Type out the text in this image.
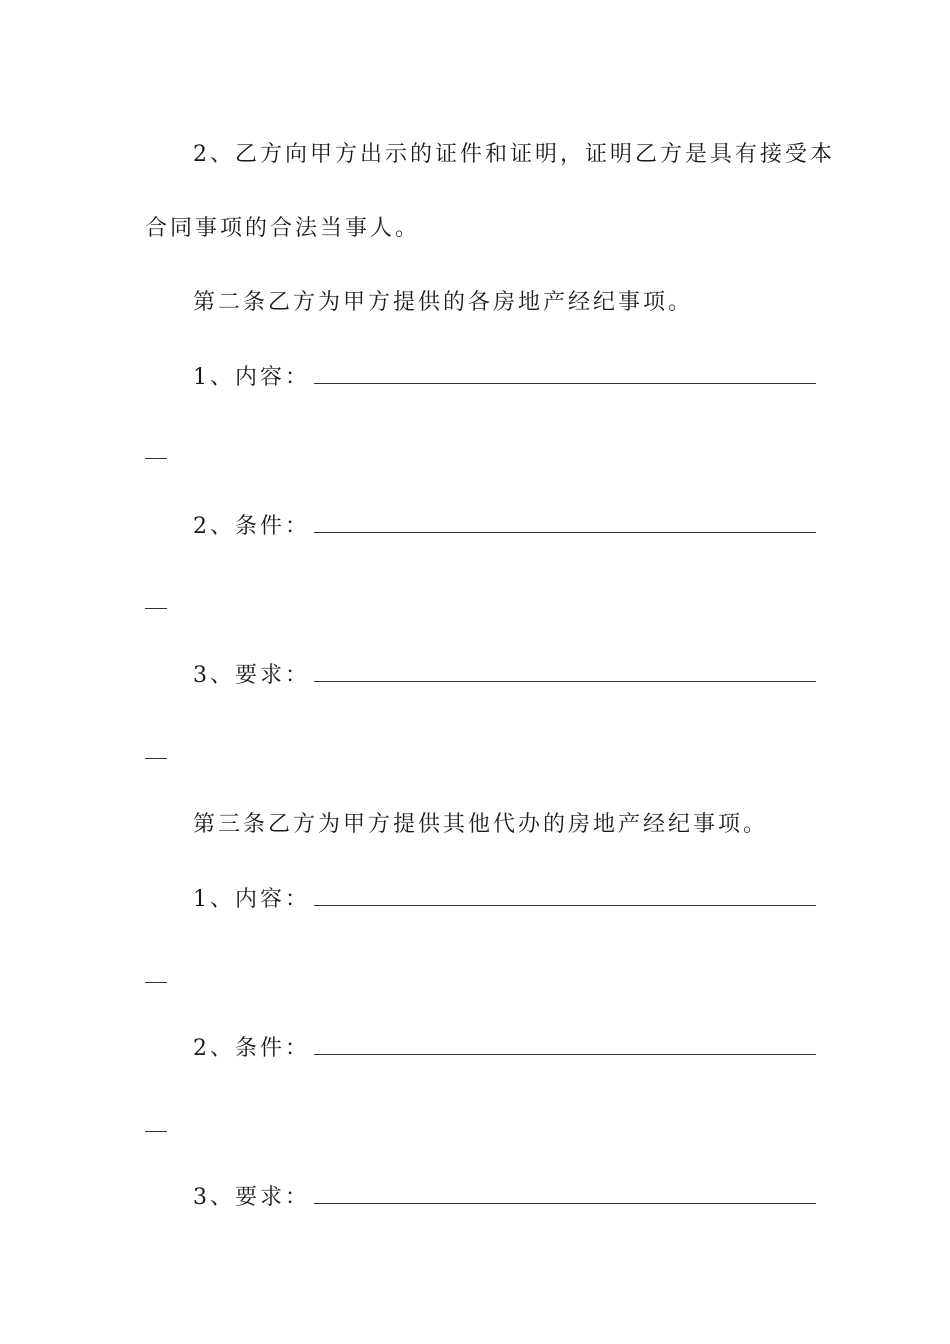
2、乙方向甲方出示的证件和证明，证明乙方是具有接受本
合同事项的合法当事人。
第二条乙方为甲方提供的各房地产经纪事项。
1、内容：
2、条件：
3、要求：
第三条乙方为甲方提供其他代办的房地产经纪事项。
1、内容：
2、条件：
3、要求：
